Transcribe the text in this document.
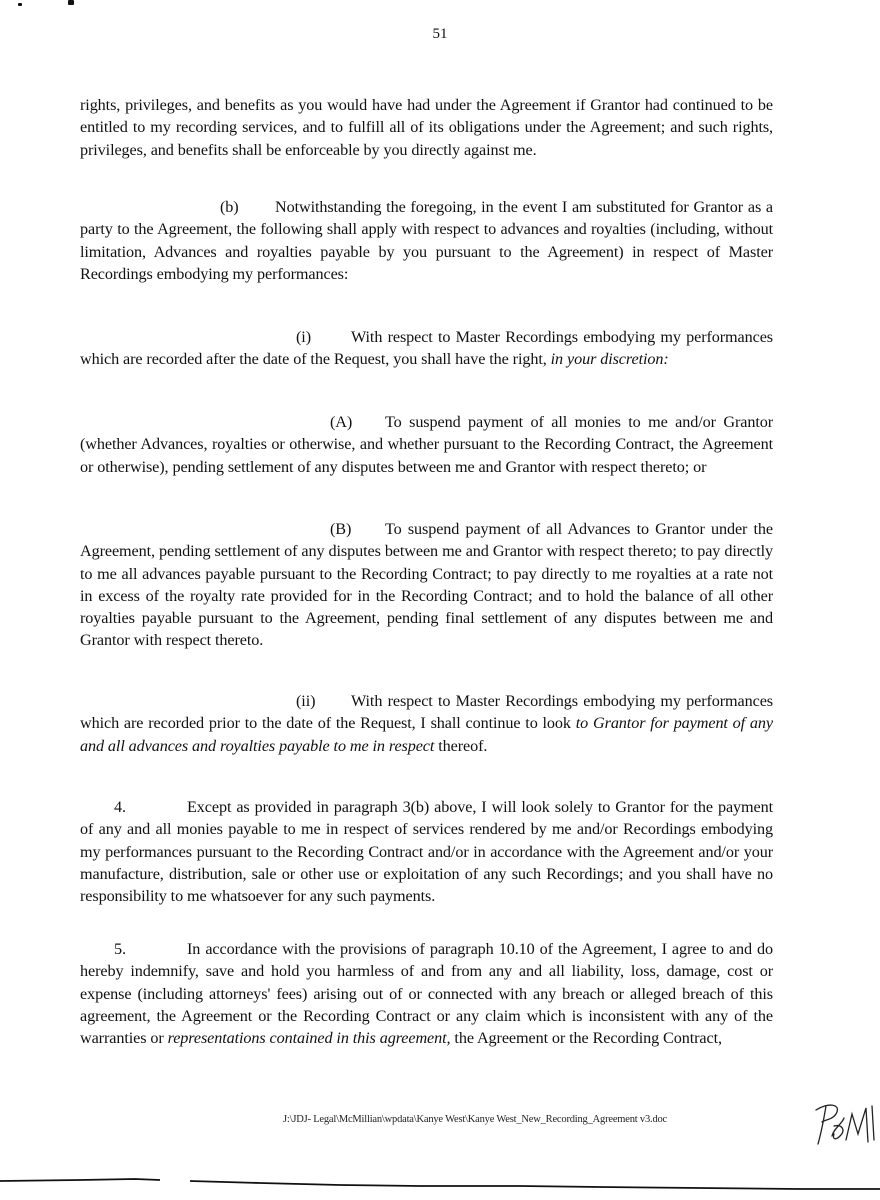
51

rights, privileges, and benefits as you would have had under the Agreement if Grantor had continued to be entitled to my recording services, and to fulfill all of its obligations under the Agreement; and such rights, privileges, and benefits shall be enforceable by you directly against me.

(b) Notwithstanding the foregoing, in the event I am substituted for Grantor as a party to the Agreement, the following shall apply with respect to advances and royalties (including, without limitation, Advances and royalties payable by you pursuant to the Agreement) in respect of Master Recordings embodying my performances:

(i) With respect to Master Recordings embodying my performances which are recorded after the date of the Request, you shall have the right, in your discretion:

(A) To suspend payment of all monies to me and/or Grantor (whether Advances, royalties or otherwise, and whether pursuant to the Recording Contract, the Agreement or otherwise), pending settlement of any disputes between me and Grantor with respect thereto; or

(B) To suspend payment of all Advances to Grantor under the Agreement, pending settlement of any disputes between me and Grantor with respect thereto; to pay directly to me all advances payable pursuant to the Recording Contract; to pay directly to me royalties at a rate not in excess of the royalty rate provided for in the Recording Contract; and to hold the balance of all other royalties payable pursuant to the Agreement, pending final settlement of any disputes between me and Grantor with respect thereto.

(ii) With respect to Master Recordings embodying my performances which are recorded prior to the date of the Request, I shall continue to look to Grantor for payment of any and all advances and royalties payable to me in respect thereof.

4.	Except as provided in paragraph 3(b) above, I will look solely to Grantor for the payment of any and all monies payable to me in respect of services rendered by me and/or Recordings embodying my performances pursuant to the Recording Contract and/or in accordance with the Agreement and/or your manufacture, distribution, sale or other use or exploitation of any such Recordings; and you shall have no responsibility to me whatsoever for any such payments.

5.	In accordance with the provisions of paragraph 10.10 of the Agreement, I agree to and do hereby indemnify, save and hold you harmless of and from any and all liability, loss, damage, cost or expense (including attorneys' fees) arising out of or connected with any breach or alleged breach of this agreement, the Agreement or the Recording Contract or any claim which is inconsistent with any of the warranties or representations contained in this agreement, the Agreement or the Recording Contract,

J:\JDJ- Legal\McMillian\wpdata\Kanye West\Kanye West_New_Recording_Agreement v3.doc
